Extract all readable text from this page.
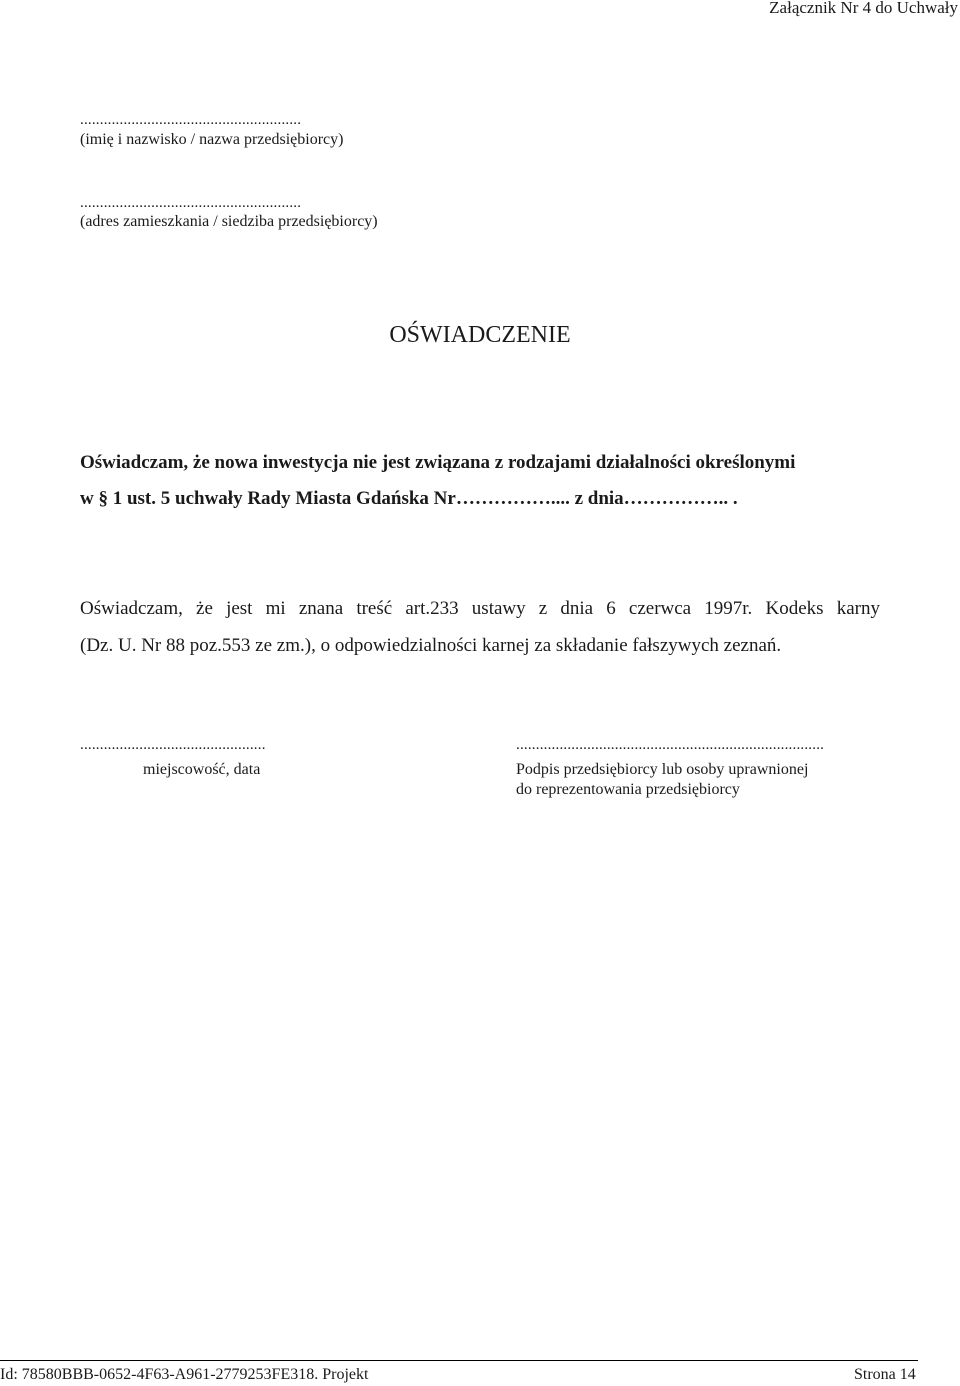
Załącznik Nr 4 do Uchwały
........................................................
(imię i nazwisko / nazwa przedsiębiorcy)
........................................................
(adres zamieszkania / siedziba przedsiębiorcy)
OŚWIADCZENIE
Oświadczam, że nowa inwestycja nie jest związana z rodzajami działalności określonymi
w § 1 ust. 5 uchwały Rady Miasta Gdańska Nr…………….... z dnia…………….. .
Oświadczam, że jest mi znana treść art.233 ustawy z dnia 6 czerwca 1997r. Kodeks karny
(Dz. U. Nr 88 poz.553 ze zm.), o odpowiedzialności karnej za składanie fałszywych zeznań.
...............................................
miejscowość, data
..............................................................................
Podpis przedsiębiorcy lub osoby uprawnionej
do reprezentowania przedsiębiorcy
Id: 78580BBB-0652-4F63-A961-2779253FE318. Projekt	Strona 14
